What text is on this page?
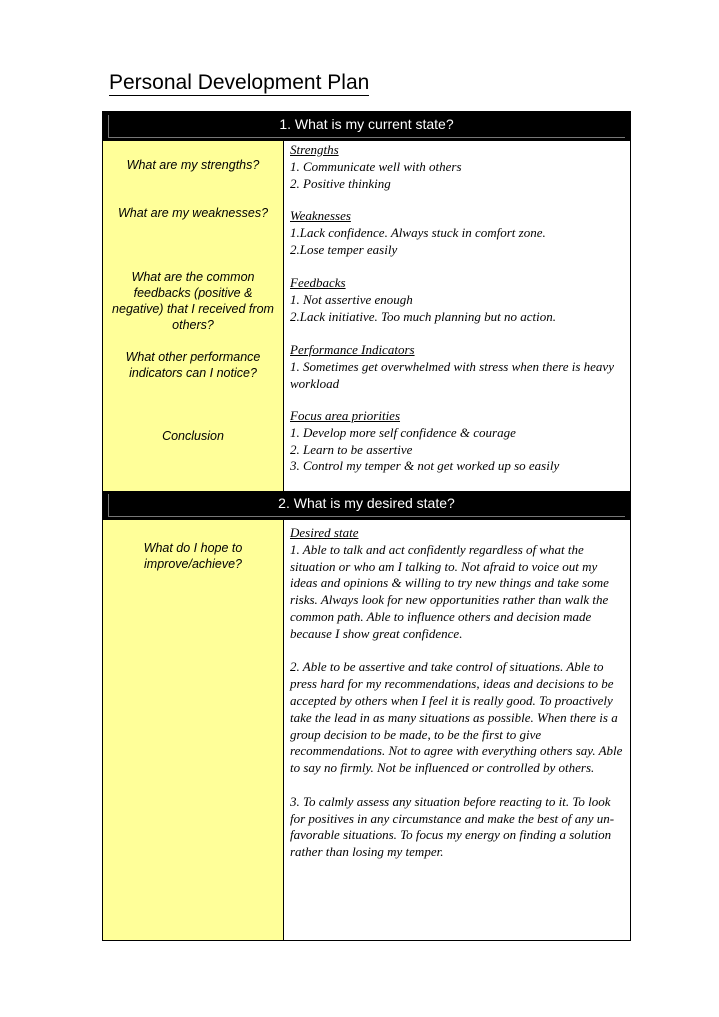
Personal Development Plan
1. What is my current state?
What are my strengths?
What are my weaknesses?
What are the common feedbacks (positive & negative) that I received from others?
What other performance indicators can I notice?
Conclusion

Strengths

1. Communicate well with others

2. Positive thinking

Weaknesses

1.Lack confidence. Always stuck in comfort zone.

2.Lose temper easily

Feedbacks

1. Not assertive enough

2.Lack initiative. Too much planning but no action.

Performance Indicators

1. Sometimes get overwhelmed with stress when there is heavy workload

Focus area priorities

1. Develop more self confidence & courage

2. Learn to be assertive

3. Control my temper & not get worked up so easily

2. What is my desired state?
What do I hope to improve/achieve?

Desired state

1. Able to talk and act confidently regardless of what the situation or who am I talking to. Not afraid to voice out my ideas and opinions & willing to try new things and take some risks. Always look for new opportunities rather than walk the common path. Able to influence others and decision made because I show great confidence.

2. Able to be assertive and take control of situations. Able to press hard for my recommendations, ideas and decisions to be accepted by others when I feel it is really good. To proactively take the lead in as many situations as possible. When there is a group decision to be made, to be the first to give recommendations. Not to agree with everything others say. Able to say no firmly. Not be influenced or controlled by others.

3. To calmly assess any situation before reacting to it. To look for positives in any circumstance and make the best of any un-favorable situations. To focus my energy on finding a solution rather than losing my temper.
